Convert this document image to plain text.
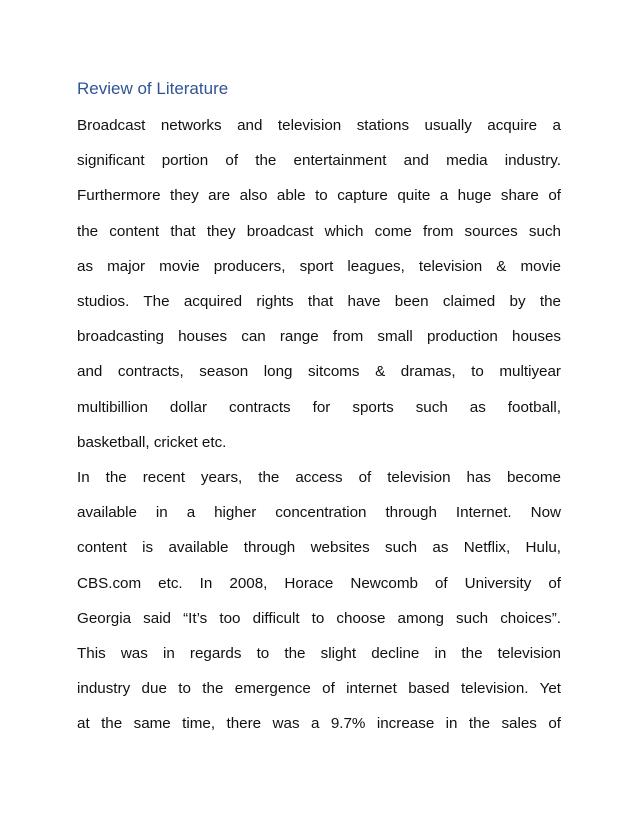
Review of Literature
Broadcast networks and television stations usually acquire a
significant portion of the entertainment and media industry.
Furthermore they are also able to capture quite a huge share of
the content that they broadcast which come from sources such
as major movie producers, sport leagues, television & movie
studios. The acquired rights that have been claimed by the
broadcasting houses can range from small production houses
and contracts, season long sitcoms & dramas, to multiyear
multibillion dollar contracts for sports such as football,
basketball, cricket etc.
In the recent years, the access of television has become
available in a higher concentration through Internet. Now
content is available through websites such as Netflix, Hulu,
CBS.com etc. In 2008, Horace Newcomb of University of
Georgia said “It’s too difficult to choose among such choices”.
This was in regards to the slight decline in the television
industry due to the emergence of internet based television. Yet
at the same time, there was a 9.7% increase in the sales of
